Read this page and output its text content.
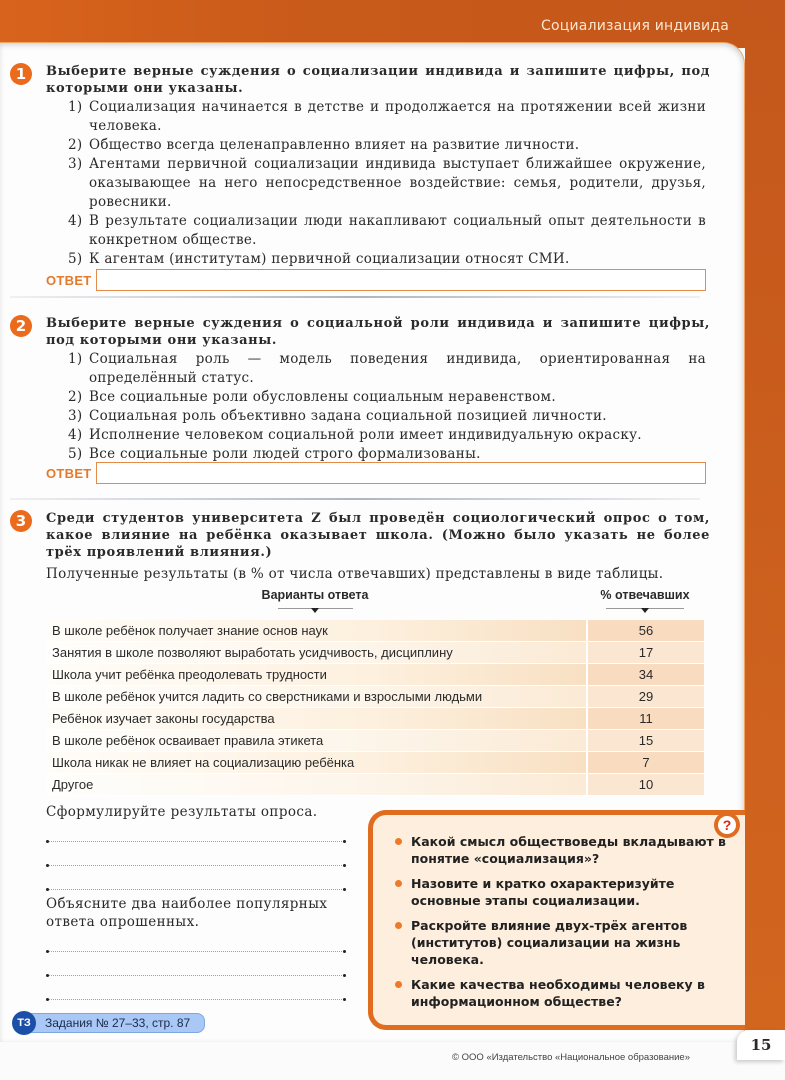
Социализация индивида
1	Выберите верные суждения о социализации индивида и запишите цифры, под которыми они указаны.
1) Социализация начинается в детстве и продолжается на протяжении всей жизни человека.
2) Общество всегда целенаправленно влияет на развитие личности.
3) Агентами первичной социализации индивида выступает ближайшее окружение, оказывающее на него непосредственное воздействие: семья, родители, друзья, ровесники.
4) В результате социализации люди накапливают социальный опыт деятельности в конкретном обществе.
5) К агентам (институтам) первичной социализации относят СМИ.
ОТВЕТ
2	Выберите верные суждения о социальной роли индивида и запишите цифры, под которыми они указаны.
1) Социальная роль — модель поведения индивида, ориентированная на определённый статус.
2) Все социальные роли обусловлены социальным неравенством.
3) Социальная роль объективно задана социальной позицией личности.
4) Исполнение человеком социальной роли имеет индивидуальную окраску.
5) Все социальные роли людей строго формализованы.
ОТВЕТ
3	Среди студентов университета Z был проведён социологический опрос о том, какое влияние на ребёнка оказывает школа. (Можно было указать не более трёх проявлений влияния.)
Полученные результаты (в % от числа отвечавших) представлены в виде таблицы.
Варианты ответа	% отвечавших
В школе ребёнок получает знание основ наук	56
Занятия в школе позволяют выработать усидчивость, дисциплину	17
Школа учит ребёнка преодолевать трудности	34
В школе ребёнок учится ладить со сверстниками и взрослыми людьми	29
Ребёнок изучает законы государства	11
В школе ребёнок осваивает правила этикета	15
Школа никак не влияет на социализацию ребёнка	7
Другое	10
Сформулируйте результаты опроса.
Объясните два наиболее популярных ответа опрошенных.
?
Какой смысл обществоведы вкладывают в понятие «социализация»?
Назовите и кратко охарактеризуйте основные этапы социализации.
Раскройте влияние двух-трёх агентов (институтов) социализации на жизнь человека.
Какие качества необходимы человеку в информационном обществе?
ТЗ	Задания № 27–33, стр. 87
15
© ООО «Издательство «Национальное образование»
